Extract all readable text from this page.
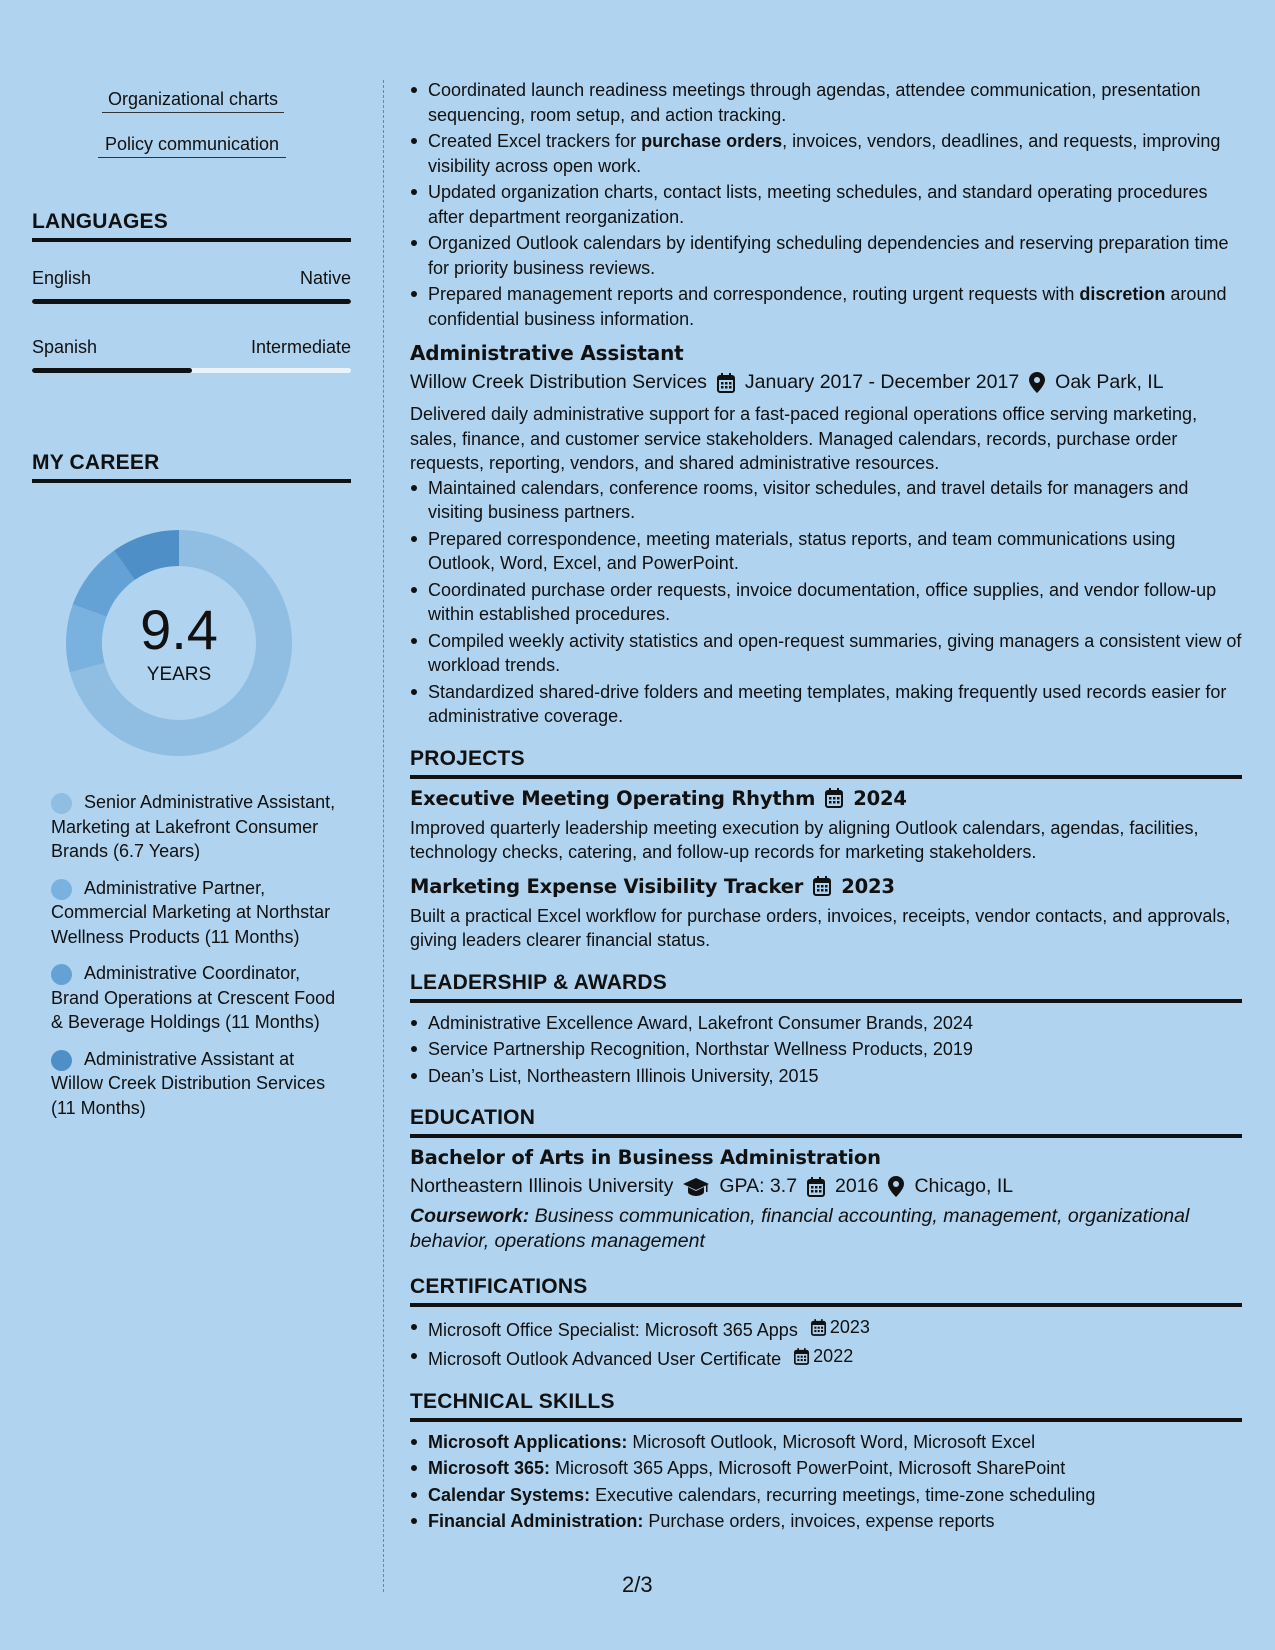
Organizational charts
Policy communication
LANGUAGES
English	Native
Spanish	Intermediate
MY CAREER
9.4
YEARS
Senior Administrative Assistant, Marketing at Lakefront Consumer Brands (6.7 Years)
Administrative Partner, Commercial Marketing at Northstar Wellness Products (11 Months)
Administrative Coordinator, Brand Operations at Crescent Food & Beverage Holdings (11 Months)
Administrative Assistant at Willow Creek Distribution Services (11 Months)
Coordinated launch readiness meetings through agendas, attendee communication, presentation sequencing, room setup, and action tracking.
Created Excel trackers for purchase orders, invoices, vendors, deadlines, and requests, improving visibility across open work.
Updated organization charts, contact lists, meeting schedules, and standard operating procedures after department reorganization.
Organized Outlook calendars by identifying scheduling dependencies and reserving preparation time for priority business reviews.
Prepared management reports and correspondence, routing urgent requests with discretion around confidential business information.
Administrative Assistant
Willow Creek Distribution Services January 2017 - December 2017 Oak Park, IL
Delivered daily administrative support for a fast-paced regional operations office serving marketing, sales, finance, and customer service stakeholders. Managed calendars, records, purchase order requests, reporting, vendors, and shared administrative resources.
Maintained calendars, conference rooms, visitor schedules, and travel details for managers and visiting business partners.
Prepared correspondence, meeting materials, status reports, and team communications using Outlook, Word, Excel, and PowerPoint.
Coordinated purchase order requests, invoice documentation, office supplies, and vendor follow-up within established procedures.
Compiled weekly activity statistics and open-request summaries, giving managers a consistent view of workload trends.
Standardized shared-drive folders and meeting templates, making frequently used records easier for administrative coverage.
PROJECTS
Executive Meeting Operating Rhythm 2024
Improved quarterly leadership meeting execution by aligning Outlook calendars, agendas, facilities, technology checks, catering, and follow-up records for marketing stakeholders.
Marketing Expense Visibility Tracker 2023
Built a practical Excel workflow for purchase orders, invoices, receipts, vendor contacts, and approvals, giving leaders clearer financial status.
LEADERSHIP & AWARDS
Administrative Excellence Award, Lakefront Consumer Brands, 2024
Service Partnership Recognition, Northstar Wellness Products, 2019
Dean’s List, Northeastern Illinois University, 2015
EDUCATION
Bachelor of Arts in Business Administration
Northeastern Illinois University GPA: 3.7 2016 Chicago, IL
Coursework: Business communication, financial accounting, management, organizational behavior, operations management
CERTIFICATIONS
Microsoft Office Specialist: Microsoft 365 Apps 2023
Microsoft Outlook Advanced User Certificate 2022
TECHNICAL SKILLS
Microsoft Applications: Microsoft Outlook, Microsoft Word, Microsoft Excel
Microsoft 365: Microsoft 365 Apps, Microsoft PowerPoint, Microsoft SharePoint
Calendar Systems: Executive calendars, recurring meetings, time-zone scheduling
Financial Administration: Purchase orders, invoices, expense reports
2/3
